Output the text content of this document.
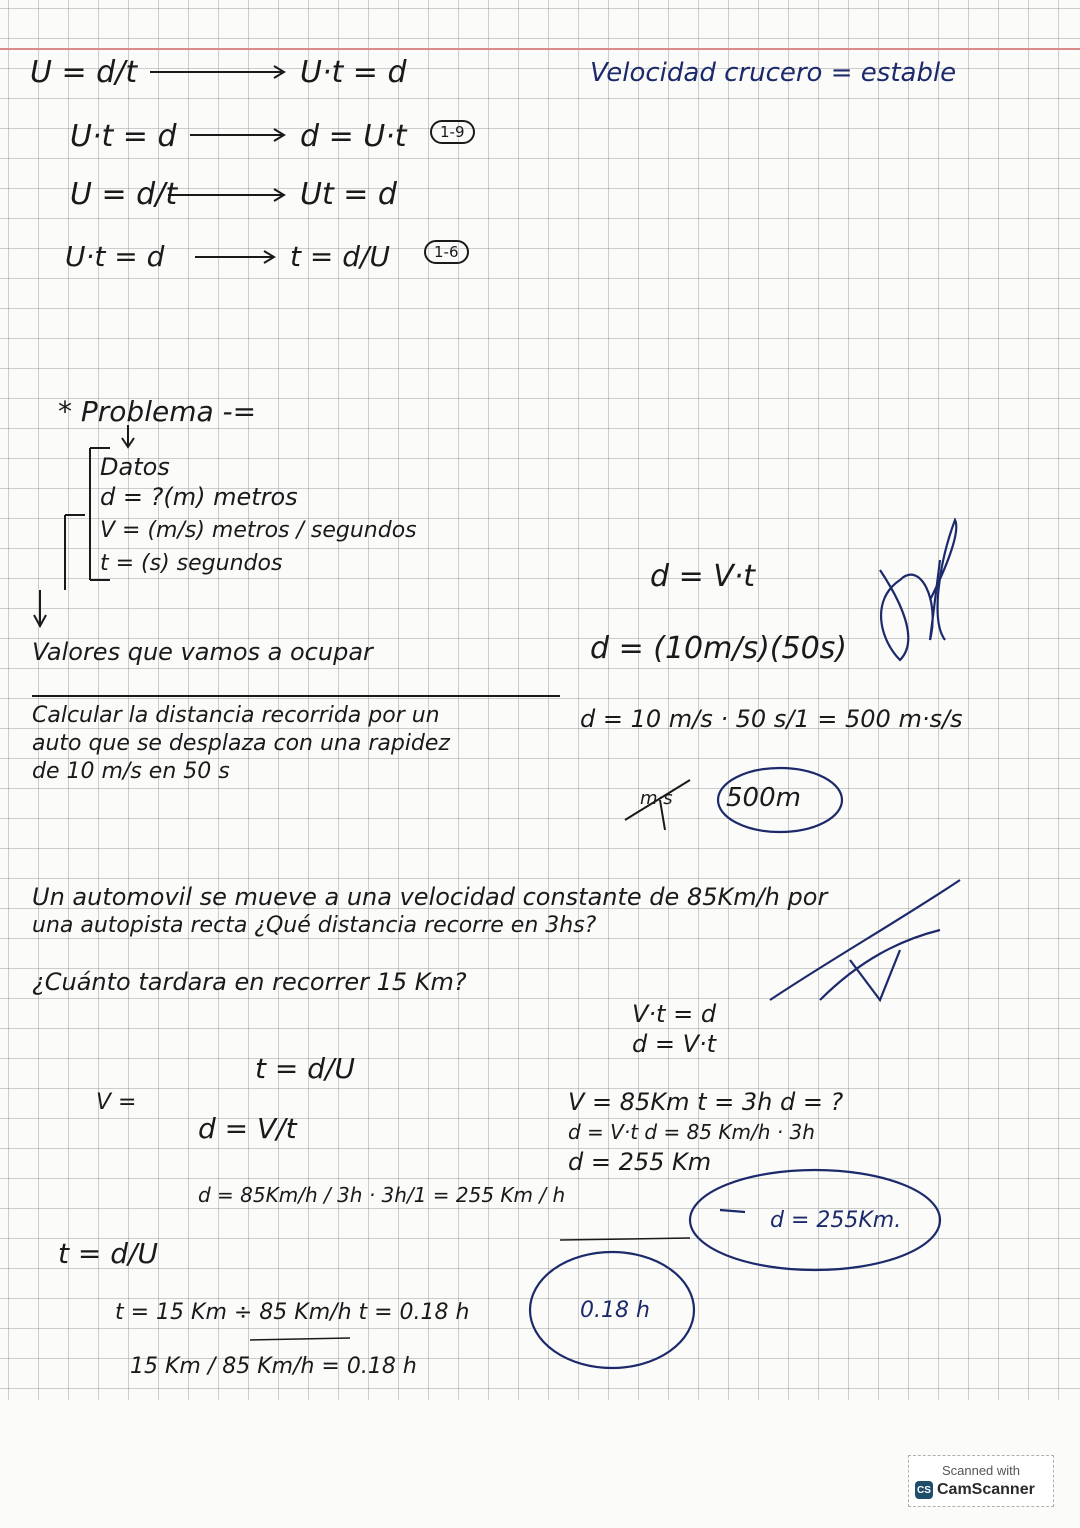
U = d/t	U·t = d	Velocidad crucero = estable
U·t = d	d = U·t	1-9
U = d/t	Ut = d
U·t = d	t = d/U	1-6
* Problema -=
Datos
d = ?(m) metros
V = (m/s) metros / segundos
t = (s) segundos
Valores que vamos a ocupar
Calcular la distancia recorrida por un
auto que se desplaza con una rapidez
de 10 m/s en 50 s
d = V·t
d = (10m/s)(50s)
d = 10 m/s · 50 s/1 = 500 m·s/s
m·s 500m
Un automovil se mueve a una velocidad constante de 85Km/h por
una autopista recta ¿Qué distancia recorre en 3hs?
¿Cuánto tardara en recorrer 15 Km?
V·t = d
d = V·t
V = 85Km t = 3h d = ?
d = V·t d = 85 Km/h · 3h
d = 255 Km
V =
t = d/U
d = V/t
d = 85Km/h / 3h · 3h/1 = 255 Km / h
d = 255Km.
t = d/U
t = 15 Km ÷ 85 Km/h t = 0.18 h
15 Km / 85 Km/h = 0.18 h
0.18 h
Scanned with
CS CamScanner
